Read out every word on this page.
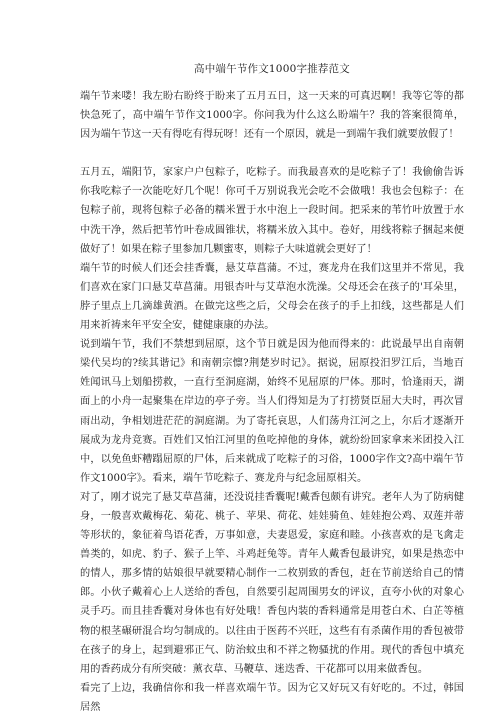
高中端午节作文1000字推荐范文

端午节来喽！我左盼右盼终于盼来了五月五日，这一天来的可真迟啊！我等它等的都快急死了，高中端午节作文1000字。你问我为什么这么盼端午？我的答案很简单，因为端午节这一天有得吃有得玩呀！还有一个原因，就是一到端午我们就要放假了！

五月五，端阳节，家家户户包粽子，吃粽子。而我最喜欢的是吃粽子了！我偷偷告诉你我吃粽子一次能吃好几个呢！你可千万别说我光会吃不会做哦！我也会包粽子：在包粽子前，现将包粽子必备的糯米置于水中泡上一段时间。把采来的苇竹叶放置于水中洗干净，然后把苇竹叶卷成圆锥状，将糯米放入其中。卷好，用线将粽子捆起来便做好了！如果在粽子里参加几颗蜜枣，则粽子大味道就会更好了！

端午节的时候人们还会挂香囊，悬艾草菖蒲。不过，赛龙舟在我们这里并不常见，我们喜欢在家门口悬艾草菖蒲。用银杏叶与艾草泡水洗澡。父母还会在孩子的'耳朵里，脖子里点上几滴雄黄酒。在做完这些之后，父母会在孩子的手上扣线，这些都是人们用来祈祷来年平安全安，健健康康的办法。

说到端午节，我们不禁想到屈原，这个节日就是因为他而得来的：此说最早出自南朝梁代吴均的?续其谐记》和南朝宗懔?荆楚岁时记》。据说，屈原投汨罗江后，当地百姓闻讯马上划船捞救，一直行至洞庭湖，始终不见屈原的尸体。那时，恰逢雨天，湖面上的小舟一起聚集在岸边的亭子旁。当人们得知是为了打捞贤臣屈大夫时，再次冒雨出动，争相划进茫茫的洞庭湖。为了寄托哀思，人们荡舟江河之上，尔后才逐渐开展成为龙舟竞赛。百姓们又怕江河里的鱼吃掉他的身体，就纷纷回家拿来米团投入江中，以免鱼虾糟蹋屈原的尸体，后来就成了吃粽子的习俗，1000字作文?高中端午节作文1000字》。看来，端午节吃粽子、赛龙舟与纪念屈原相关。

对了，刚才说完了悬艾草菖蒲，还没说挂香囊呢!戴香包颇有讲究。老年人为了防病健身，一般喜欢戴梅花、菊花、桃子、苹果、荷花、娃娃骑鱼、娃娃抱公鸡、双莲并蒂等形状的，象征着鸟语花香，万事如意，夫妻恩爱，家庭和睦。小孩喜欢的是飞禽走兽类的，如虎、豹子、猴子上竿、斗鸡赶兔等。青年人戴香包最讲究，如果是热恋中的情人，那多情的姑娘很早就要精心制作一二枚别致的香包，赶在节前送给自己的情郎。小伙子戴着心上人送给的香包，自然要引起周围男女的评议，直夸小伙的对象心灵手巧。而且挂香囊对身体也有好处哦！香包内装的香料通常是用苍白术、白芷等植物的根茎碾研混合均匀制成的。以往由于医药不兴旺，这些有有杀菌作用的香包被带在孩子的身上，起到避邪正气、防治蚊虫和不祥之物骚扰的作用。现代的香包中填充用的香药成分有所突破：薰衣草、马鞭草、迷迭香、干花都可以用来做香包。

看完了上边，我确信你和我一样喜欢端午节。因为它又好玩又有好吃的。不过，韩国居然
